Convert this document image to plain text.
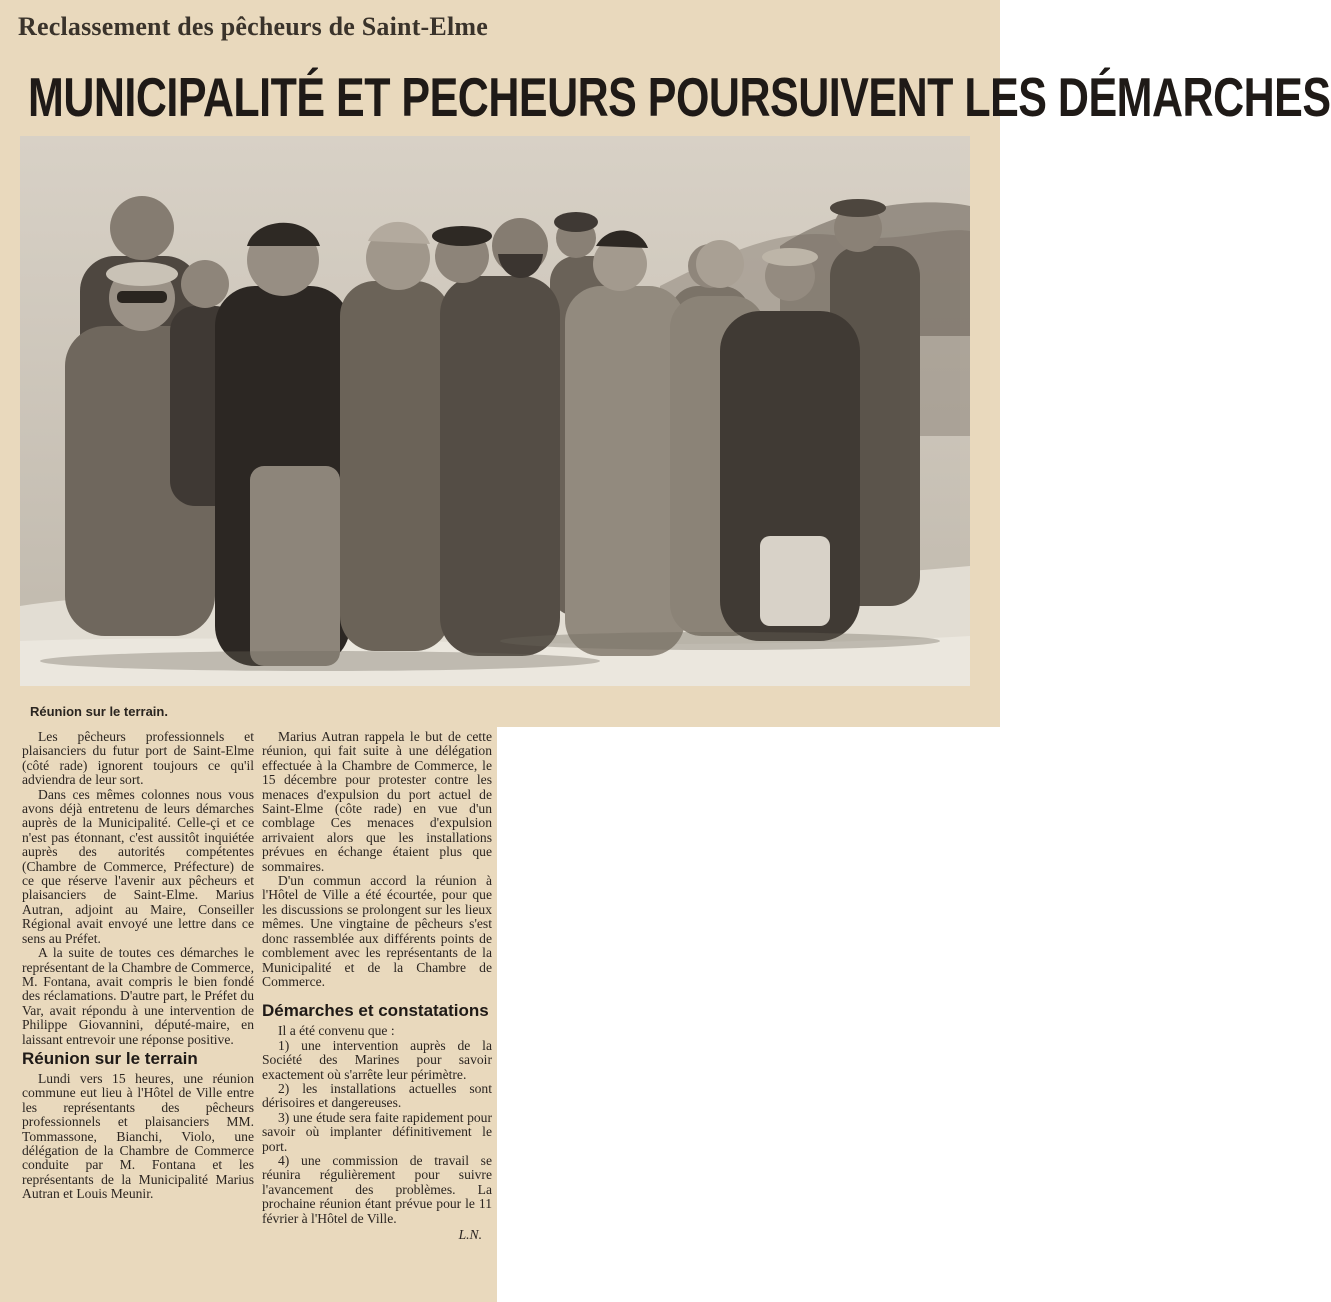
Reclassement des pêcheurs de Saint-Elme
MUNICIPALITÉ ET PECHEURS POURSUIVENT LES DÉMARCHES
Réunion sur le terrain.

Les pêcheurs professionnels et plaisanciers du futur port de Saint-Elme (côté rade) ignorent toujours ce qu'il adviendra de leur sort.

Dans ces mêmes colonnes nous vous avons déjà entretenu de leurs démarches auprès de la Municipalité. Celle-çi et ce n'est pas étonnant, c'est aussitôt inquiétée auprès des autorités compétentes (Chambre de Commerce, Préfecture) de ce que réserve l'avenir aux pêcheurs et plaisanciers de Saint-Elme. Marius Autran, adjoint au Maire, Conseiller Régional avait envoyé une lettre dans ce sens au Préfet.

A la suite de toutes ces démarches le représentant de la Chambre de Commerce, M. Fontana, avait compris le bien fondé des réclamations. D'autre part, le Préfet du Var, avait répondu à une intervention de Philippe Giovannini, député-maire, en laissant entrevoir une réponse positive.

Réunion sur le terrain

Lundi vers 15 heures, une réunion commune eut lieu à l'Hôtel de Ville entre les représentants des pêcheurs professionnels et plaisanciers MM. Tommassone, Bianchi, Violo, une délégation de la Chambre de Commerce conduite par M. Fontana et les représentants de la Municipalité Marius Autran et Louis Meunir.

Marius Autran rappela le but de cette réunion, qui fait suite à une délégation effectuée à la Chambre de Commerce, le 15 décembre pour protester contre les menaces d'expulsion du port actuel de Saint-Elme (côte rade) en vue d'un comblage Ces menaces d'expulsion arrivaient alors que les installations prévues en échange étaient plus que sommaires.

D'un commun accord la réunion à l'Hôtel de Ville a été écourtée, pour que les discussions se prolongent sur les lieux mêmes. Une vingtaine de pêcheurs s'est donc rassemblée aux différents points de comblement avec les représentants de la Municipalité et de la Chambre de Commerce.

Démarches et constatations

Il a été convenu que :

1) une intervention auprès de la Société des Marines pour savoir exactement où s'arrête leur périmètre.

2) les installations actuelles sont dérisoires et dangereuses.

3) une étude sera faite rapidement pour savoir où implanter définitivement le port.

4) une commission de travail se réunira régulièrement pour suivre l'avancement des problèmes. La prochaine réunion étant prévue pour le 11 février à l'Hôtel de Ville.

L.N.
